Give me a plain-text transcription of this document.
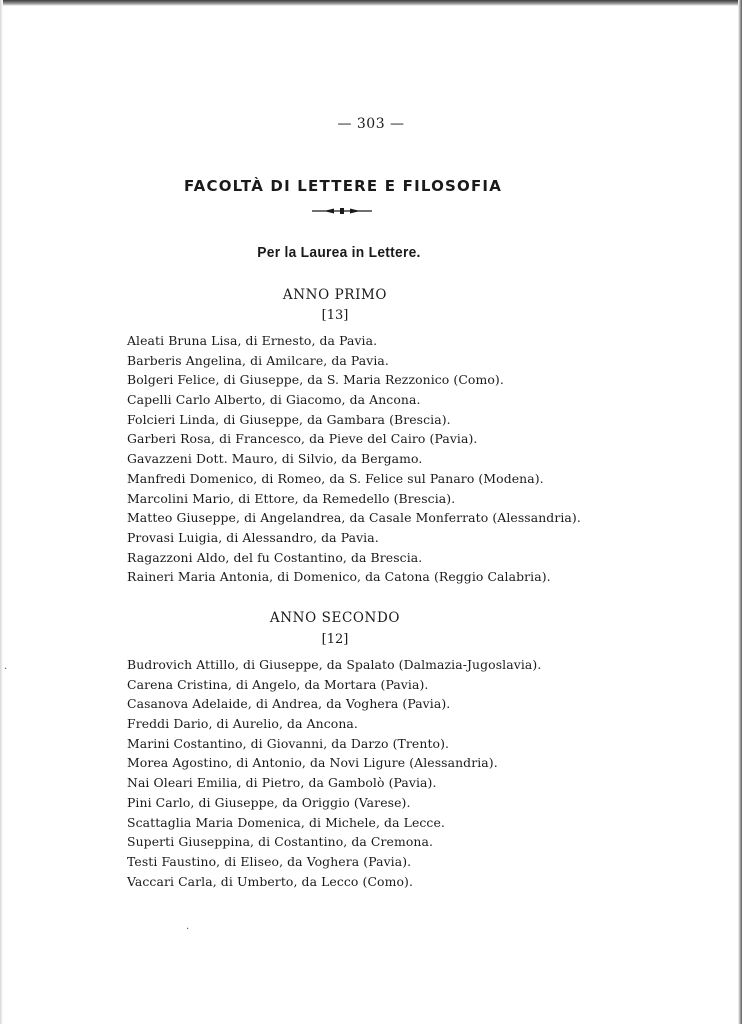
— 303 —
FACOLTÀ DI LETTERE E FILOSOFIA
Per la Laurea in Lettere.
ANNO PRIMO
[13]
Aleati Bruna Lisa, di Ernesto, da Pavia.
Barberis Angelina, di Amilcare, da Pavia.
Bolgeri Felice, di Giuseppe, da S. Maria Rezzonico (Como).
Capelli Carlo Alberto, di Giacomo, da Ancona.
Folcieri Linda, di Giuseppe, da Gambara (Brescia).
Garberi Rosa, di Francesco, da Pieve del Cairo (Pavia).
Gavazzeni Dott. Mauro, di Silvio, da Bergamo.
Manfredi Domenico, di Romeo, da S. Felice sul Panaro (Modena).
Marcolini Mario, di Ettore, da Remedello (Brescia).
Matteo Giuseppe, di Angelandrea, da Casale Monferrato (Alessandria).
Provasi Luigia, di Alessandro, da Pavia.
Ragazzoni Aldo, del fu Costantino, da Brescia.
Raineri Maria Antonia, di Domenico, da Catona (Reggio Calabria).
ANNO SECONDO
[12]
Budrovich Attillo, di Giuseppe, da Spalato (Dalmazia-Jugoslavia).
Carena Cristina, di Angelo, da Mortara (Pavia).
Casanova Adelaide, di Andrea, da Voghera (Pavia).
Freddi Dario, di Aurelio, da Ancona.
Marini Costantino, di Giovanni, da Darzo (Trento).
Morea Agostino, di Antonio, da Novi Ligure (Alessandria).
Nai Oleari Emilia, di Pietro, da Gambolò (Pavia).
Pini Carlo, di Giuseppe, da Origgio (Varese).
Scattaglia Maria Domenica, di Michele, da Lecce.
Superti Giuseppina, di Costantino, da Cremona.
Testi Faustino, di Eliseo, da Voghera (Pavia).
Vaccari Carla, di Umberto, da Lecco (Como).
·
·
